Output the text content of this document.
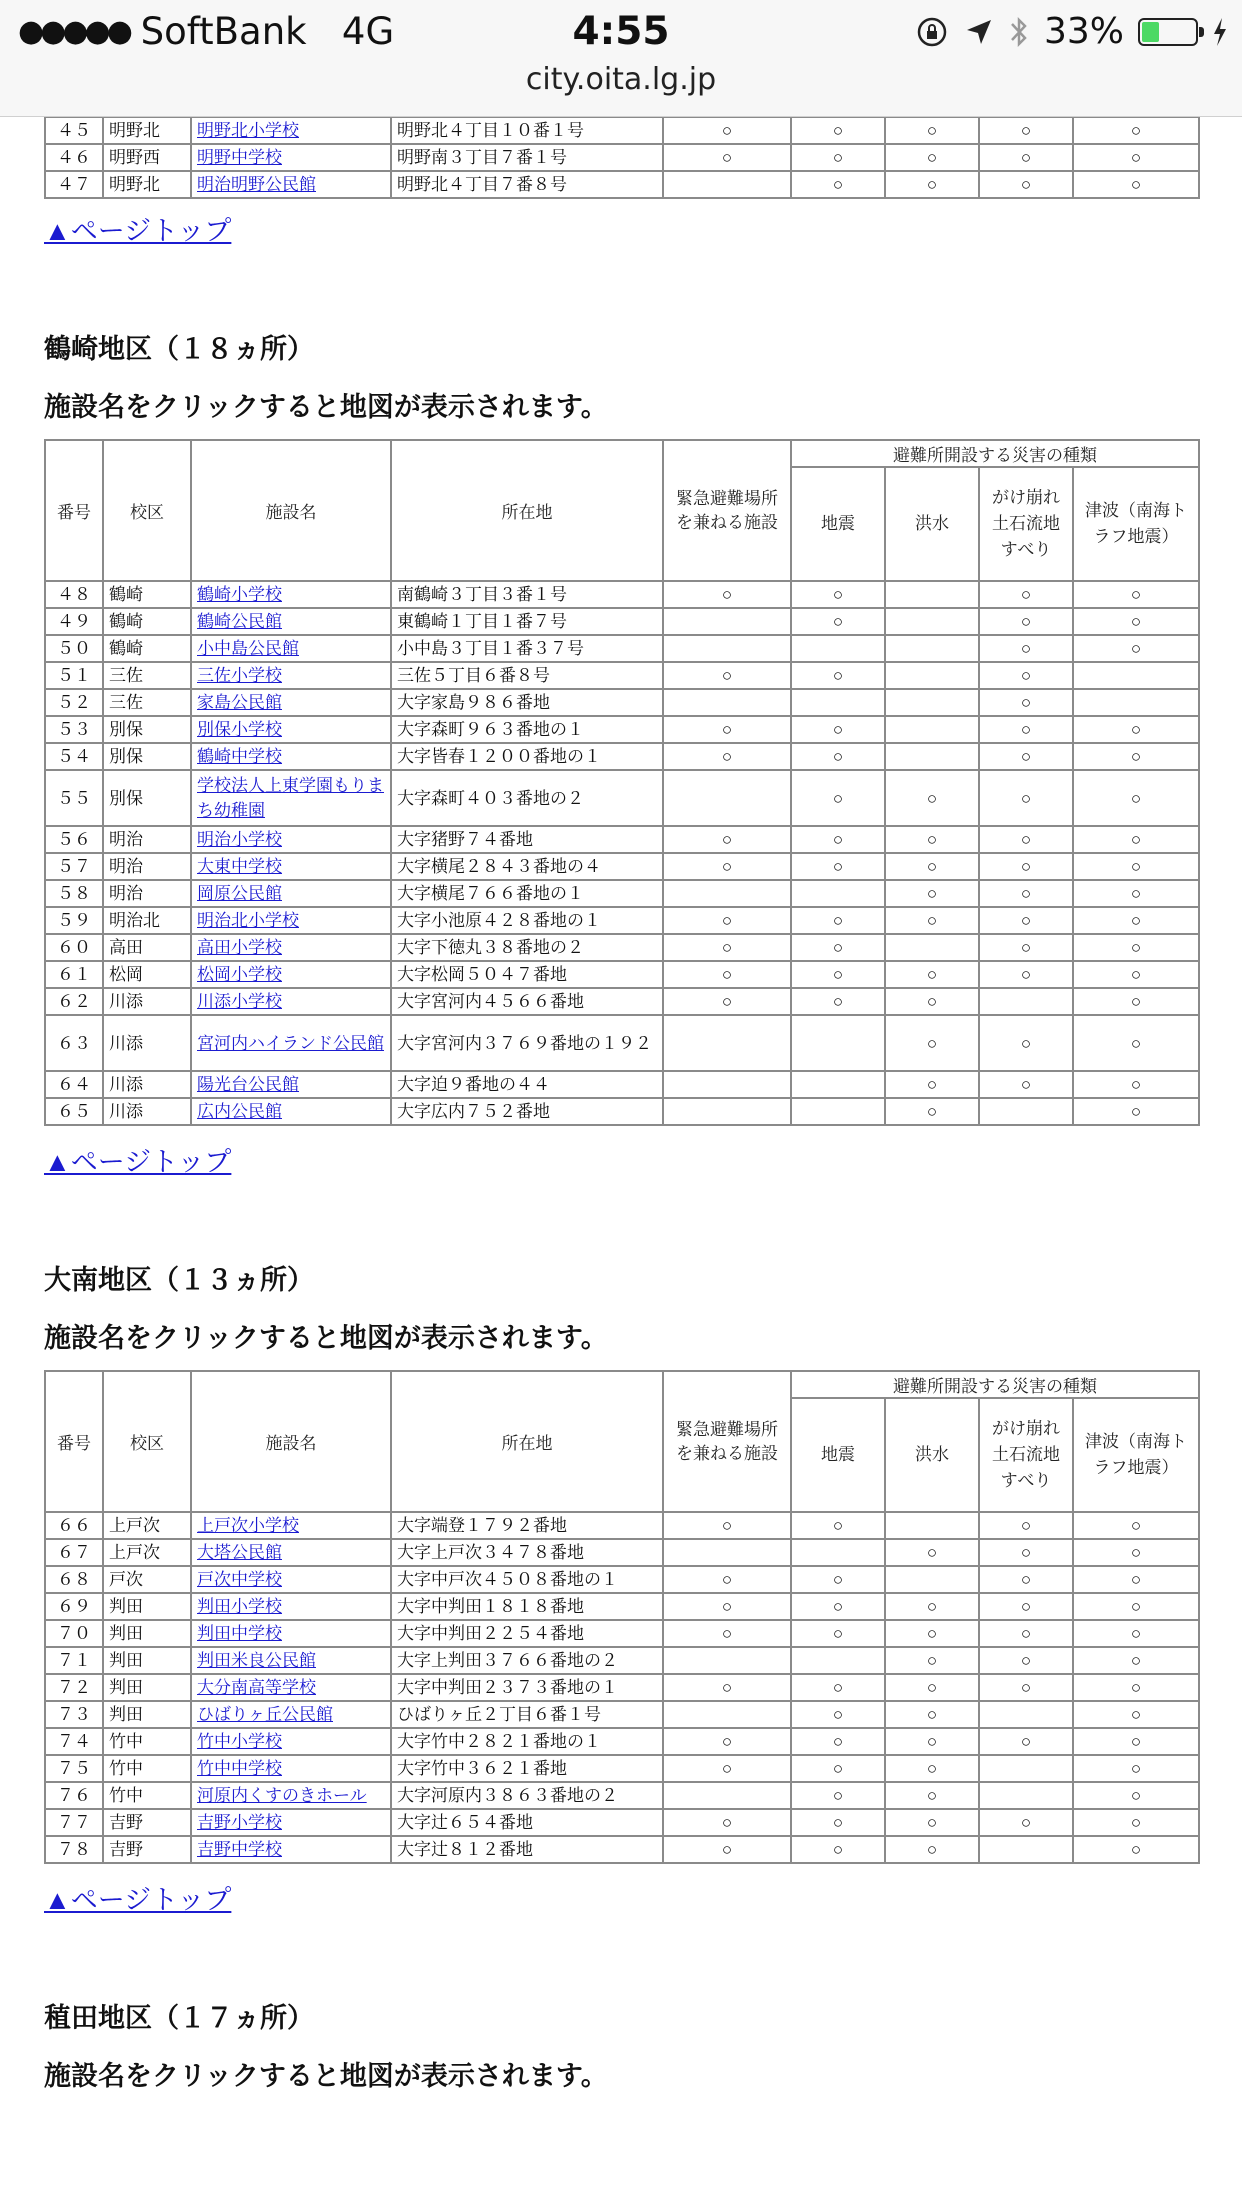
●●●●● SoftBank 4G	4:55	33%
city.oita.lg.jp
４５	明野北	明野北小学校	明野北４丁目１０番１号	○	○	○	○	○
４６	明野西	明野中学校	明野南３丁目７番１号	○	○	○	○	○
４７	明野北	明治明野公民館	明野北４丁目７番８号		○	○	○	○
▲ページトップ
鶴崎地区（１８ヵ所）

施設名をクリックすると地図が表示されます。

番号	校区	施設名	所在地	緊急避難場所を兼ねる施設	避難所開設する災害の種類			
					地震	洪水	がけ崩れ土石流地すべり	津波（南海トラフ地震）
４８	鶴崎	鶴崎小学校	南鶴崎３丁目３番１号	○	○		○	○
４９	鶴崎	鶴崎公民館	東鶴崎１丁目１番７号		○		○	○
５０	鶴崎	小中島公民館	小中島３丁目１番３７号				○	○
５１	三佐	三佐小学校	三佐５丁目６番８号	○	○		○	
５２	三佐	家島公民館	大字家島９８６番地				○	
５３	別保	別保小学校	大字森町９６３番地の１	○	○		○	○
５４	別保	鶴崎中学校	大字皆春１２００番地の１	○	○		○	○
５５	別保	学校法人上東学園もりまち幼稚園	大字森町４０３番地の２		○	○	○	○
５６	明治	明治小学校	大字猪野７４番地	○	○	○	○	○
５７	明治	大東中学校	大字横尾２８４３番地の４	○	○	○	○	○
５８	明治	岡原公民館	大字横尾７６６番地の１			○	○	○
５９	明治北	明治北小学校	大字小池原４２８番地の１	○	○	○	○	○
６０	高田	高田小学校	大字下徳丸３８番地の２	○	○		○	○
６１	松岡	松岡小学校	大字松岡５０４７番地	○	○	○	○	○
６２	川添	川添小学校	大字宮河内４５６６番地	○	○	○		○
６３	川添	宮河内ハイランド公民館	大字宮河内３７６９番地の１９２			○	○	○
６４	川添	陽光台公民館	大字迫９番地の４４			○	○	○
６５	川添	広内公民館	大字広内７５２番地			○		○
▲ページトップ
大南地区（１３ヵ所）

施設名をクリックすると地図が表示されます。

番号	校区	施設名	所在地	緊急避難場所を兼ねる施設	避難所開設する災害の種類			
					地震	洪水	がけ崩れ土石流地すべり	津波（南海トラフ地震）
６６	上戸次	上戸次小学校	大字端登１７９２番地	○	○		○	○
６７	上戸次	大塔公民館	大字上戸次３４７８番地			○	○	○
６８	戸次	戸次中学校	大字中戸次４５０８番地の１	○	○		○	○
６９	判田	判田小学校	大字中判田１８１８番地	○	○	○	○	○
７０	判田	判田中学校	大字中判田２２５４番地	○	○	○	○	○
７１	判田	判田米良公民館	大字上判田３７６６番地の２			○	○	○
７２	判田	大分南高等学校	大字中判田２３７３番地の１	○	○	○	○	○
７３	判田	ひばりヶ丘公民館	ひばりヶ丘２丁目６番１号		○	○		○
７４	竹中	竹中小学校	大字竹中２８２１番地の１	○	○	○	○	○
７５	竹中	竹中中学校	大字竹中３６２１番地	○	○	○		○
７６	竹中	河原内くすのきホール	大字河原内３８６３番地の２		○	○		○
７７	吉野	吉野小学校	大字辻６５４番地	○	○	○	○	○
７８	吉野	吉野中学校	大字辻８１２番地	○	○	○		○
▲ページトップ
稙田地区（１７ヵ所）

施設名をクリックすると地図が表示されます。
